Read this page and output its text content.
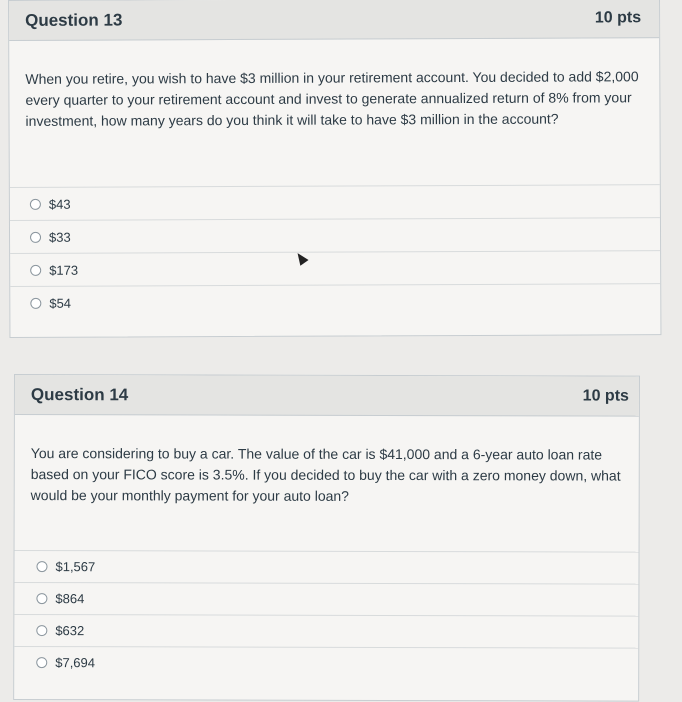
Question 13	10 pts
When you retire, you wish to have $3 million in your retirement account. You decided to add $2,000 every quarter to your retirement account and invest to generate annualized return of 8% from your investment, how many years do you think it will take to have $3 million in the account?
$43
$33
$173
$54
Question 14	10 pts
You are considering to buy a car. The value of the car is $41,000 and a 6-year auto loan rate based on your FICO score is 3.5%. If you decided to buy the car with a zero money down, what would be your monthly payment for your auto loan?
$1,567
$864
$632
$7,694
